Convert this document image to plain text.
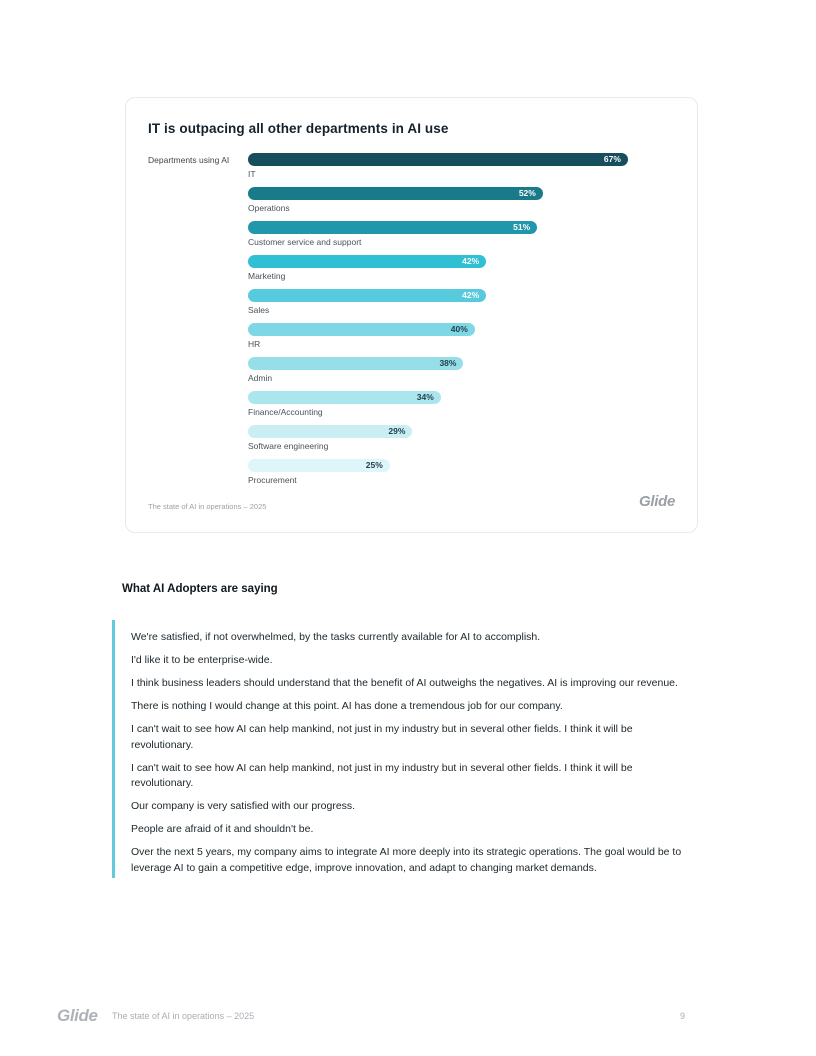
IT is outpacing all other departments in AI use
Departments using AI	67%
IT
52%
Operations
51%
Customer service and support
42%
Marketing
42%
Sales
40%
HR
38%
Admin
34%
Finance/Accounting
29%
Software engineering
25%
Procurement
The state of AI in operations – 2025	Glide
What AI Adopters are saying

We're satisfied, if not overwhelmed, by the tasks currently available for AI to accomplish.

I'd like it to be enterprise-wide.

I think business leaders should understand that the benefit of AI outweighs the negatives. AI is improving our revenue.

There is nothing I would change at this point. AI has done a tremendous job for our company.

I can't wait to see how AI can help mankind, not just in my industry but in several other fields. I think it will be revolutionary.

I can't wait to see how AI can help mankind, not just in my industry but in several other fields. I think it will be revolutionary.

Our company is very satisfied with our progress.

People are afraid of it and shouldn't be.

Over the next 5 years, my company aims to integrate AI more deeply into its strategic operations. The goal would be to leverage AI to gain a competitive edge, improve innovation, and adapt to changing market demands.

Glide The state of AI in operations – 2025	9
